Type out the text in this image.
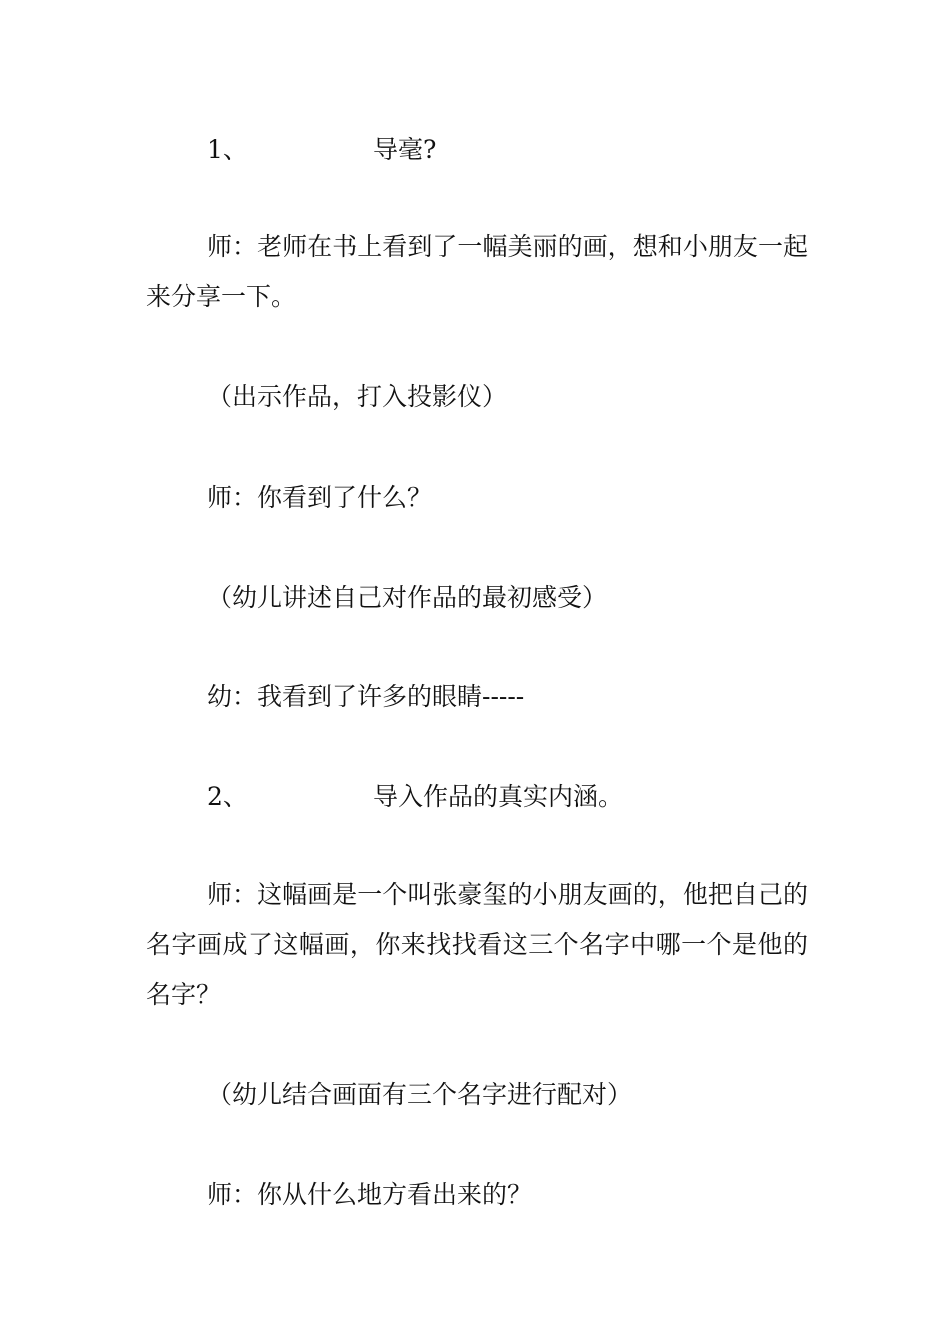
1、	导毫?
师：老师在书上看到了一幅美丽的画，想和小朋友一起来分享一下。
（出示作品，打入投影仪）
师：你看到了什么？
（幼儿讲述自己对作品的最初感受）
幼：我看到了许多的眼睛-----
2、	导入作品的真实内涵。
师：这幅画是一个叫张豪玺的小朋友画的，他把自己的名字画成了这幅画，你来找找看这三个名字中哪一个是他的名字？
（幼儿结合画面有三个名字进行配对）
师：你从什么地方看出来的？
